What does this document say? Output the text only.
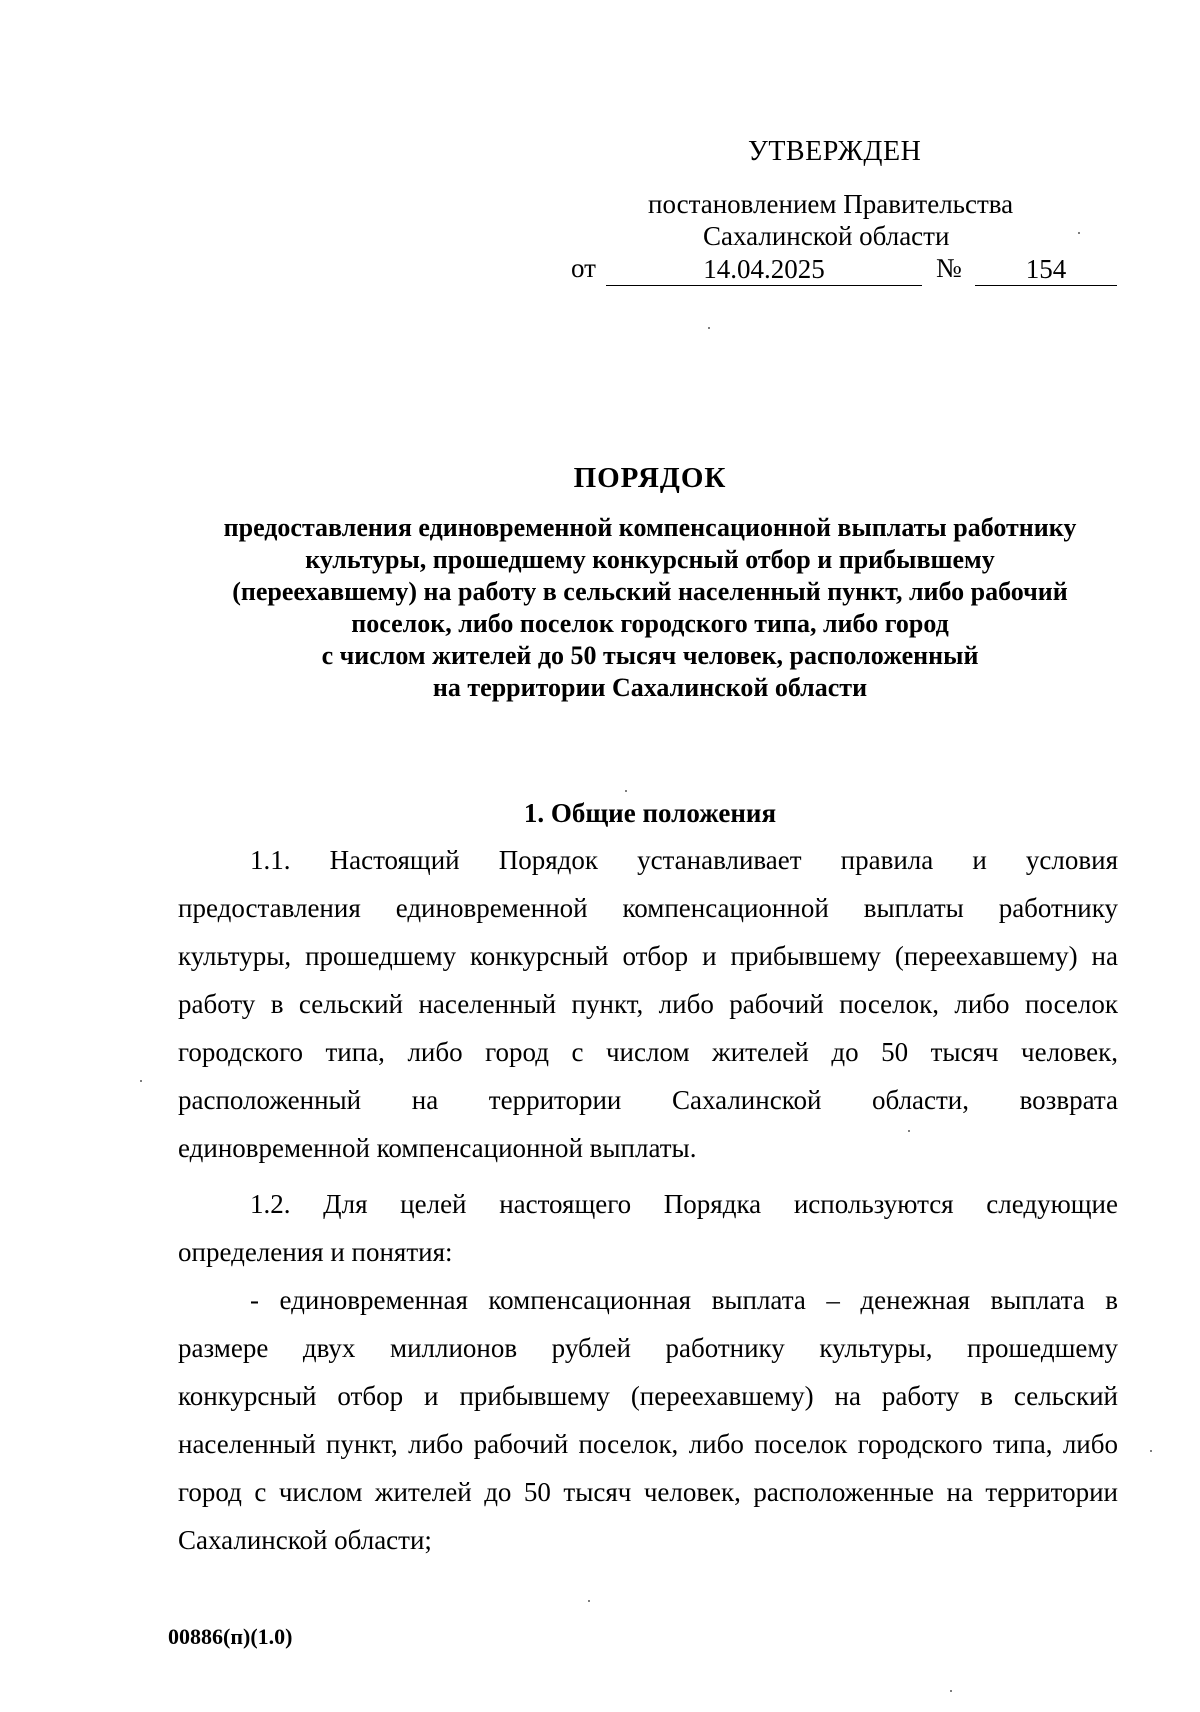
УТВЕРЖДЕН
постановлением Правительства
Сахалинской области
от	14.04.2025	№	154
ПОРЯДОК
предоставления единовременной компенсационной выплаты работнику
культуры, прошедшему конкурсный отбор и прибывшему
(переехавшему) на работу в сельский населенный пункт, либо рабочий
поселок, либо поселок городского типа, либо город
с числом жителей до 50 тысяч человек, расположенный
на территории Сахалинской области
1. Общие положения
1.1. Настоящий Порядок устанавливает правила и условия
предоставления единовременной компенсационной выплаты работнику
культуры, прошедшему конкурсный отбор и прибывшему (переехавшему) на
работу в сельский населенный пункт, либо рабочий поселок, либо поселок
городского типа, либо город с числом жителей до 50 тысяч человек,
расположенный на территории Сахалинской области, возврата
единовременной компенсационной выплаты.
1.2. Для целей настоящего Порядка используются следующие
определения и понятия:
- единовременная компенсационная выплата – денежная выплата в
размере двух миллионов рублей работнику культуры, прошедшему
конкурсный отбор и прибывшему (переехавшему) на работу в сельский
населенный пункт, либо рабочий поселок, либо поселок городского типа, либо
город с числом жителей до 50 тысяч человек, расположенные на территории
Сахалинской области;
00886(п)(1.0)
